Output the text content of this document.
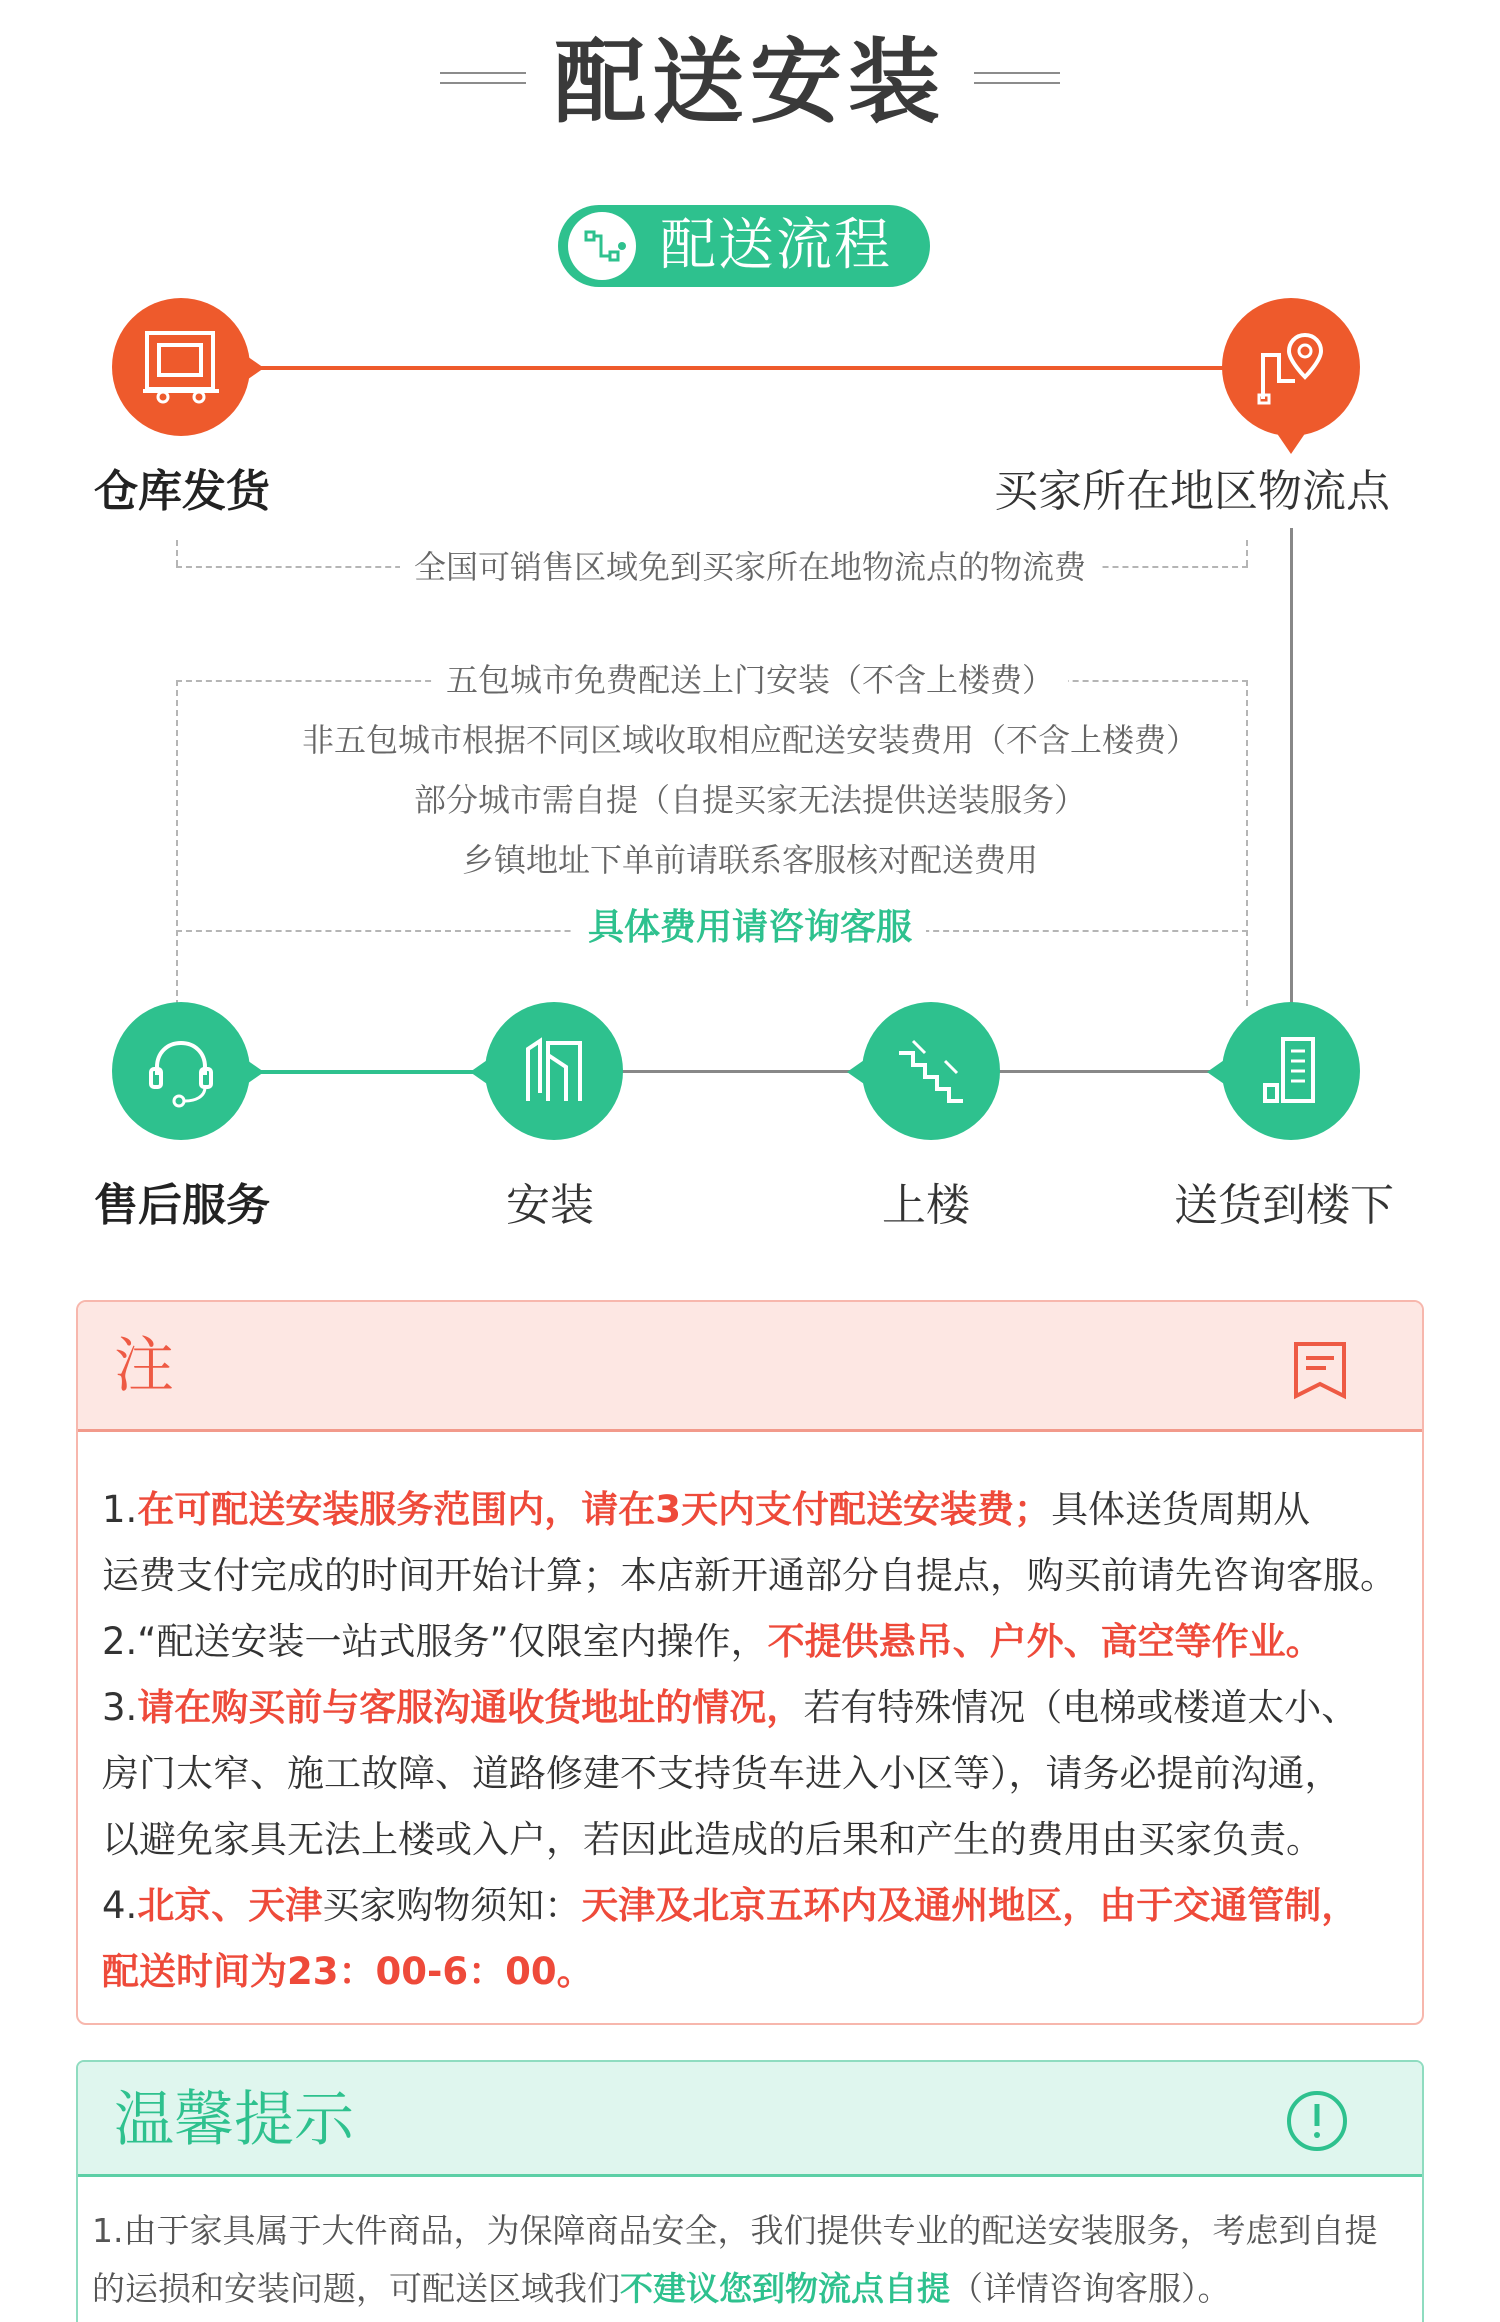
配送安装
配送流程
仓库发货	买家所在地区物流点
全国可销售区域免到买家所在地物流点的物流费
五包城市免费配送上门安装（不含上楼费）
非五包城市根据不同区域收取相应配送安装费用（不含上楼费）
部分城市需自提（自提买家无法提供送装服务）
乡镇地址下单前请联系客服核对配送费用
具体费用请咨询客服
售后服务	安装	上楼	送货到楼下
注

1.在可配送安装服务范围内，请在3天内支付配送安装费；具体送货周期从

运费支付完成的时间开始计算；本店新开通部分自提点，购买前请先咨询客服。

2.“配送安装一站式服务”仅限室内操作，不提供悬吊、户外、高空等作业。

3.请在购买前与客服沟通收货地址的情况，若有特殊情况（电梯或楼道太小、

房门太窄、施工故障、道路修建不支持货车进入小区等），请务必提前沟通，

以避免家具无法上楼或入户，若因此造成的后果和产生的费用由买家负责。

4.北京、天津买家购物须知：天津及北京五环内及通州地区，由于交通管制，

配送时间为23：00-6：00。

温馨提示

1.由于家具属于大件商品，为保障商品安全，我们提供专业的配送安装服务，考虑到自提

的运损和安装问题，可配送区域我们不建议您到物流点自提（详情咨询客服）。
